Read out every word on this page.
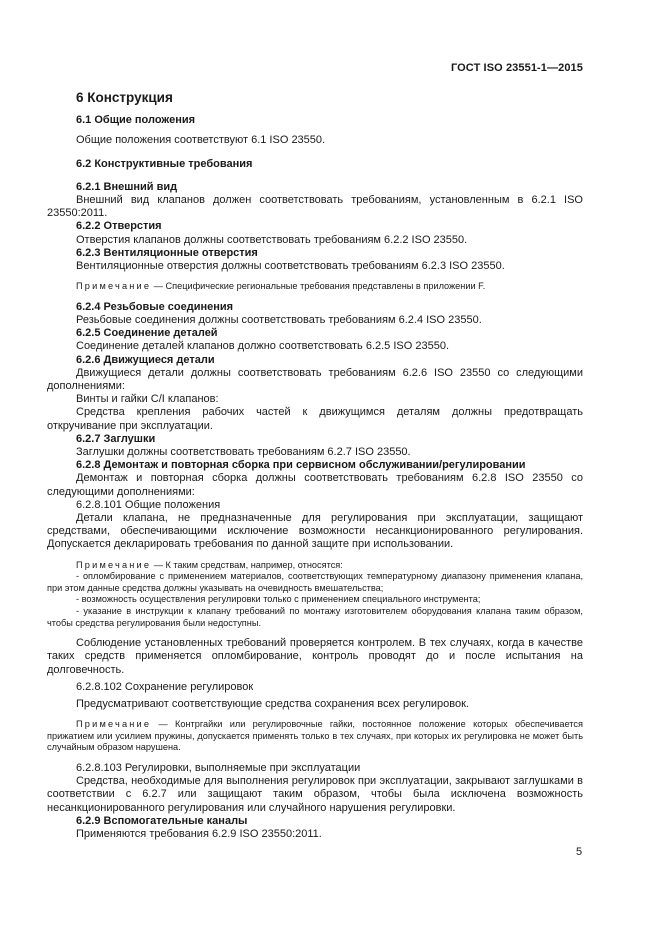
ГОСТ ISO 23551-1—2015
6 Конструкция
6.1 Общие положения
Общие положения соответствуют 6.1 ISO 23550.
6.2 Конструктивные требования
6.2.1 Внешний вид
Внешний вид клапанов должен соответствовать требованиям, установленным в 6.2.1 ISO 23550:2011.
6.2.2 Отверстия
Отверстия клапанов должны соответствовать требованиям 6.2.2 ISO 23550.
6.2.3 Вентиляционные отверстия
Вентиляционные отверстия должны соответствовать требованиям 6.2.3 ISO 23550.
Примечание — Специфические региональные требования представлены в приложении F.
6.2.4 Резьбовые соединения
Резьбовые соединения должны соответствовать требованиям 6.2.4 ISO 23550.
6.2.5 Соединение деталей
Соединение деталей клапанов должно соответствовать 6.2.5 ISO 23550.
6.2.6 Движущиеся детали
Движущиеся детали должны соответствовать требованиям 6.2.6 ISO 23550 со следующими дополнениями:
Винты и гайки C/I клапанов:
Средства крепления рабочих частей к движущимся деталям должны предотвращать откручивание при эксплуатации.
6.2.7 Заглушки
Заглушки должны соответствовать требованиям 6.2.7 ISO 23550.
6.2.8 Демонтаж и повторная сборка при сервисном обслуживании/регулировании
Демонтаж и повторная сборка должны соответствовать требованиям 6.2.8 ISO 23550 со следующими дополнениями:
6.2.8.101 Общие положения
Детали клапана, не предназначенные для регулирования при эксплуатации, защищают средствами, обеспечивающими исключение возможности несанкционированного регулирования. Допускается декларировать требования по данной защите при использовании.
Примечание — К таким средствам, например, относятся:
- опломбирование с применением материалов, соответствующих температурному диапазону применения клапана, при этом данные средства должны указывать на очевидность вмешательства;
- возможность осуществления регулировки только с применением специального инструмента;
- указание в инструкции к клапану требований по монтажу изготовителем оборудования клапана таким образом, чтобы средства регулирования были недоступны.
Соблюдение установленных требований проверяется контролем. В тех случаях, когда в качестве таких средств применяется опломбирование, контроль проводят до и после испытания на долговечность.
6.2.8.102 Сохранение регулировок
Предусматривают соответствующие средства сохранения всех регулировок.
Примечание — Контргайки или регулировочные гайки, постоянное положение которых обеспечивается прижатием или усилием пружины, допускается применять только в тех случаях, при которых их регулировка не может быть случайным образом нарушена.
6.2.8.103 Регулировки, выполняемые при эксплуатации
Средства, необходимые для выполнения регулировок при эксплуатации, закрывают заглушками в соответствии с 6.2.7 или защищают таким образом, чтобы была исключена возможность несанкционированного регулирования или случайного нарушения регулировки.
6.2.9 Вспомогательные каналы
Применяются требования 6.2.9 ISO 23550:2011.
5
